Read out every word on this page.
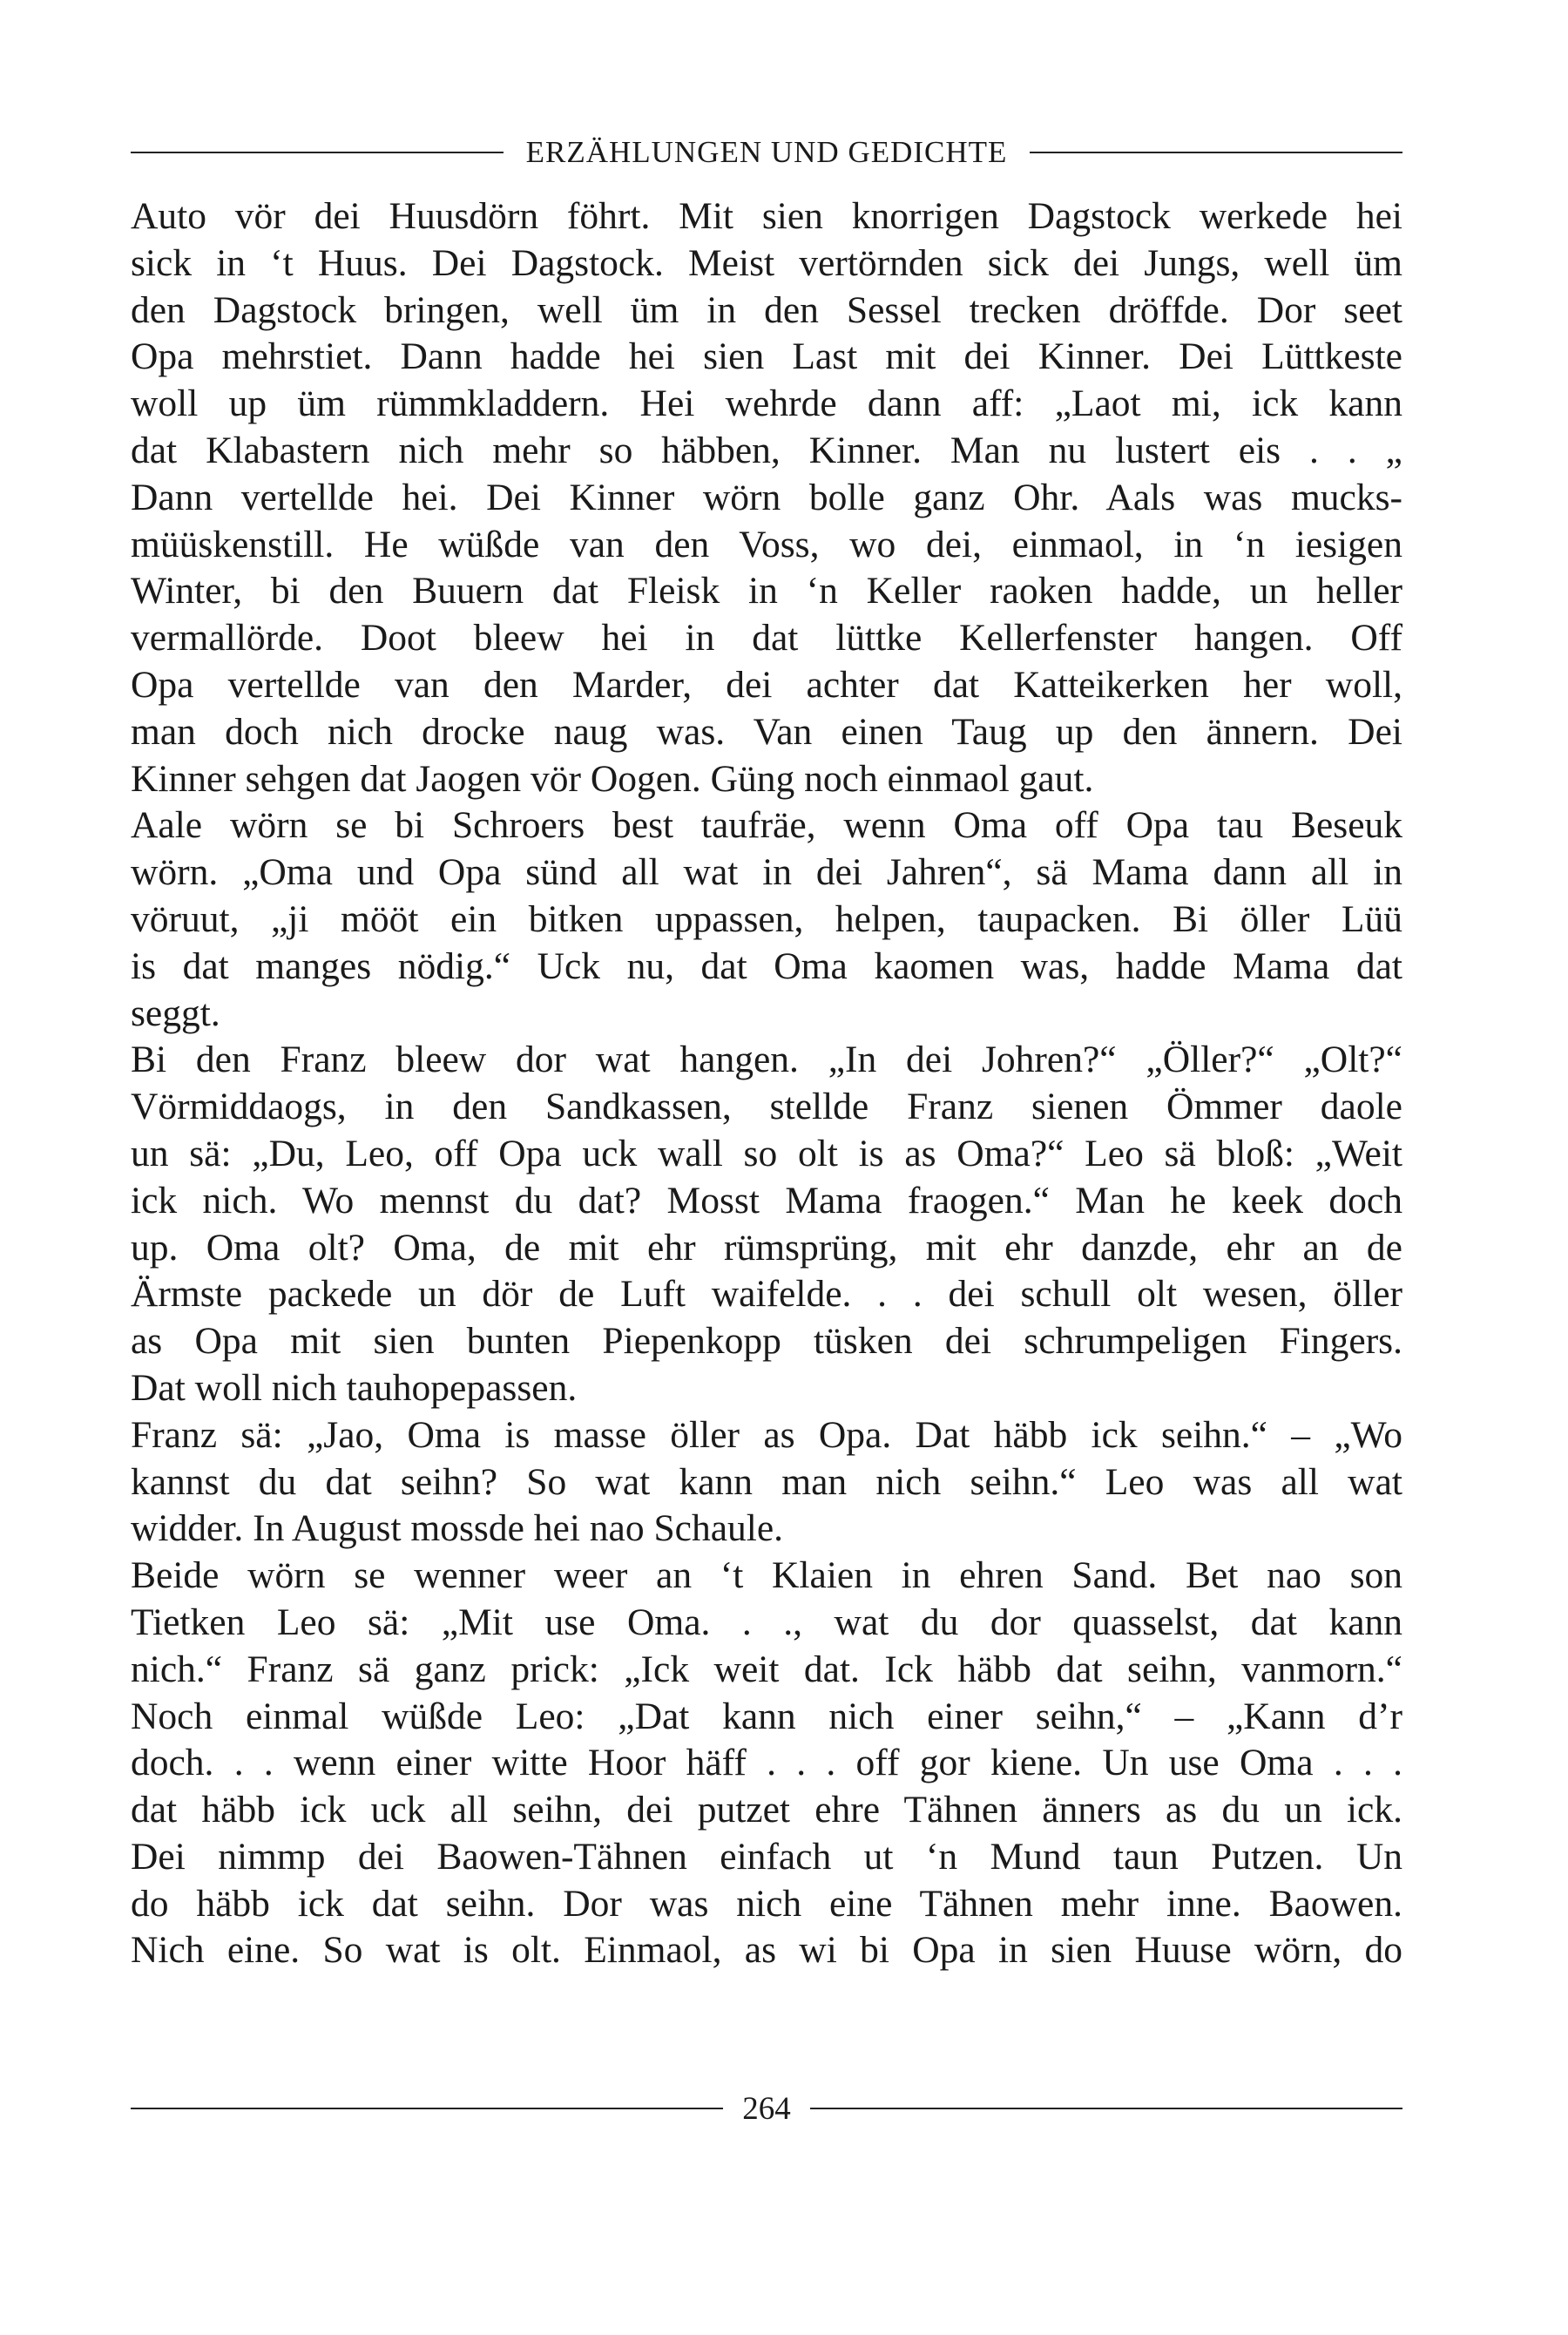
ERZÄHLUNGEN UND GEDICHTE
Auto vör dei Huusdörn föhrt. Mit sien knorrigen Dagstock werkede hei
sick in ‘t Huus. Dei Dagstock. Meist vertörnden sick dei Jungs, well üm
den Dagstock bringen, well üm in den Sessel trecken dröffde. Dor seet
Opa mehrstiet. Dann hadde hei sien Last mit dei Kinner. Dei Lüttkeste
woll up üm rümmkladdern. Hei wehrde dann aff: „Laot mi, ick kann
dat Klabastern nich mehr so häbben, Kinner. Man nu lustert eis . . „
Dann vertellde hei. Dei Kinner wörn bolle ganz Ohr. Aals was mucks-
müüskenstill. He wüßde van den Voss, wo dei, einmaol, in ‘n iesigen
Winter, bi den Buuern dat Fleisk in ‘n Keller raoken hadde, un heller
vermallörde. Doot bleew hei in dat lüttke Kellerfenster hangen. Off
Opa vertellde van den Marder, dei achter dat Katteikerken her woll,
man doch nich drocke naug was. Van einen Taug up den ännern. Dei
Kinner sehgen dat Jaogen vör Oogen. Güng noch einmaol gaut.
Aale wörn se bi Schroers best taufräe, wenn Oma off Opa tau Beseuk
wörn. „Oma und Opa sünd all wat in dei Jahren“, sä Mama dann all in
vöruut, „ji mööt ein bitken uppassen, helpen, taupacken. Bi öller Lüü
is dat manges nödig.“ Uck nu, dat Oma kaomen was, hadde Mama dat
seggt.
Bi den Franz bleew dor wat hangen. „In dei Johren?“ „Öller?“ „Olt?“
Vörmiddaogs, in den Sandkassen, stellde Franz sienen Ömmer daole
un sä: „Du, Leo, off Opa uck wall so olt is as Oma?“ Leo sä bloß: „Weit
ick nich. Wo mennst du dat? Mosst Mama fraogen.“ Man he keek doch
up. Oma olt? Oma, de mit ehr rümsprüng, mit ehr danzde, ehr an de
Ärmste packede un dör de Luft waifelde. . . dei schull olt wesen, öller
as Opa mit sien bunten Piepenkopp tüsken dei schrumpeligen Fingers.
Dat woll nich tauhopepassen.
Franz sä: „Jao, Oma is masse öller as Opa. Dat häbb ick seihn.“ – „Wo
kannst du dat seihn? So wat kann man nich seihn.“ Leo was all wat
widder. In August mossde hei nao Schaule.
Beide wörn se wenner weer an ‘t Klaien in ehren Sand. Bet nao son
Tietken Leo sä: „Mit use Oma. . ., wat du dor quasselst, dat kann
nich.“ Franz sä ganz prick: „Ick weit dat. Ick häbb dat seihn, vanmorn.“
Noch einmal wüßde Leo: „Dat kann nich einer seihn,“ – „Kann d’r
doch. . . wenn einer witte Hoor häff . . . off gor kiene. Un use Oma . . .
dat häbb ick uck all seihn, dei putzet ehre Tähnen änners as du un ick.
Dei nimmp dei Baowen-Tähnen einfach ut ‘n Mund taun Putzen. Un
do häbb ick dat seihn. Dor was nich eine Tähnen mehr inne. Baowen.
Nich eine. So wat is olt. Einmaol, as wi bi Opa in sien Huuse wörn, do
264
